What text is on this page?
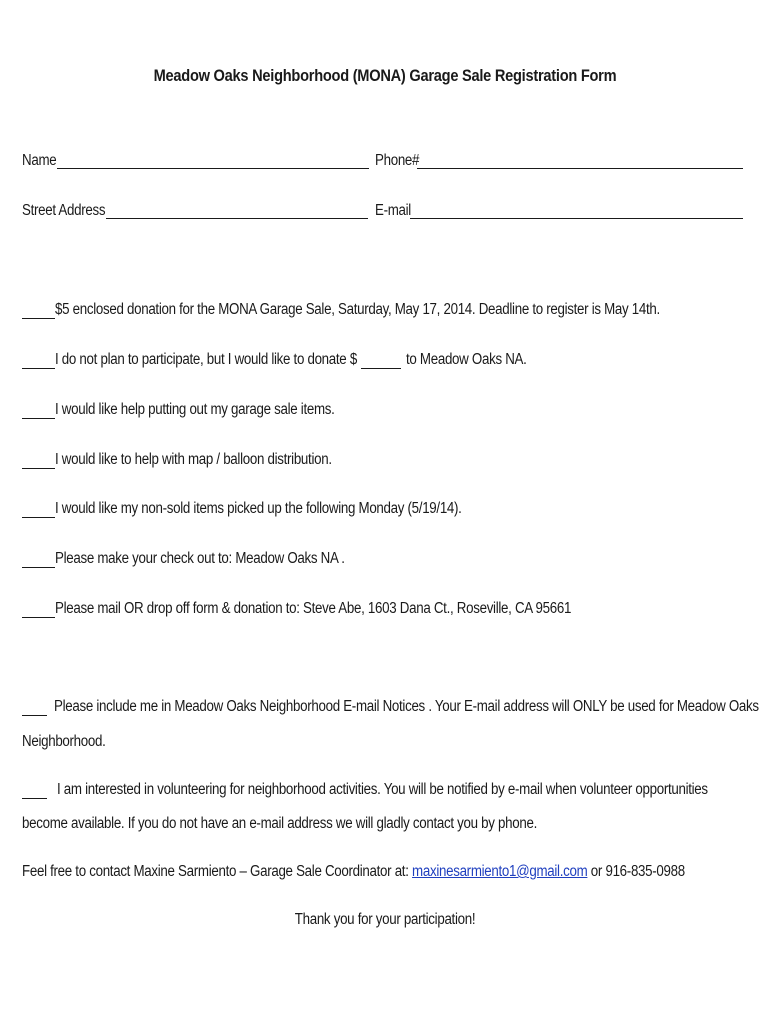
Meadow Oaks Neighborhood (MONA) Garage Sale Registration Form
Name	Phone#
Street Address	E-mail
$5 enclosed donation for the MONA Garage Sale, Saturday, May 17, 2014. Deadline to register is May 14th.
I do not plan to participate, but I would like to donate $	to Meadow Oaks NA.
I would like help putting out my garage sale items.
I would like to help with map / balloon distribution.
I would like my non-sold items picked up the following Monday (5/19/14).
Please make your check out to: Meadow Oaks NA .
Please mail OR drop off form & donation to: Steve Abe, 1603 Dana Ct., Roseville, CA 95661
Please include me in Meadow Oaks Neighborhood E-mail Notices . Your E-mail address will ONLY be used for Meadow Oaks
Neighborhood.
I am interested in volunteering for neighborhood activities. You will be notified by e-mail when volunteer opportunities
become available. If you do not have an e-mail address we will gladly contact you by phone.
Feel free to contact Maxine Sarmiento – Garage Sale Coordinator at: maxinesarmiento1@gmail.com or 916-835-0988
Thank you for your participation!
